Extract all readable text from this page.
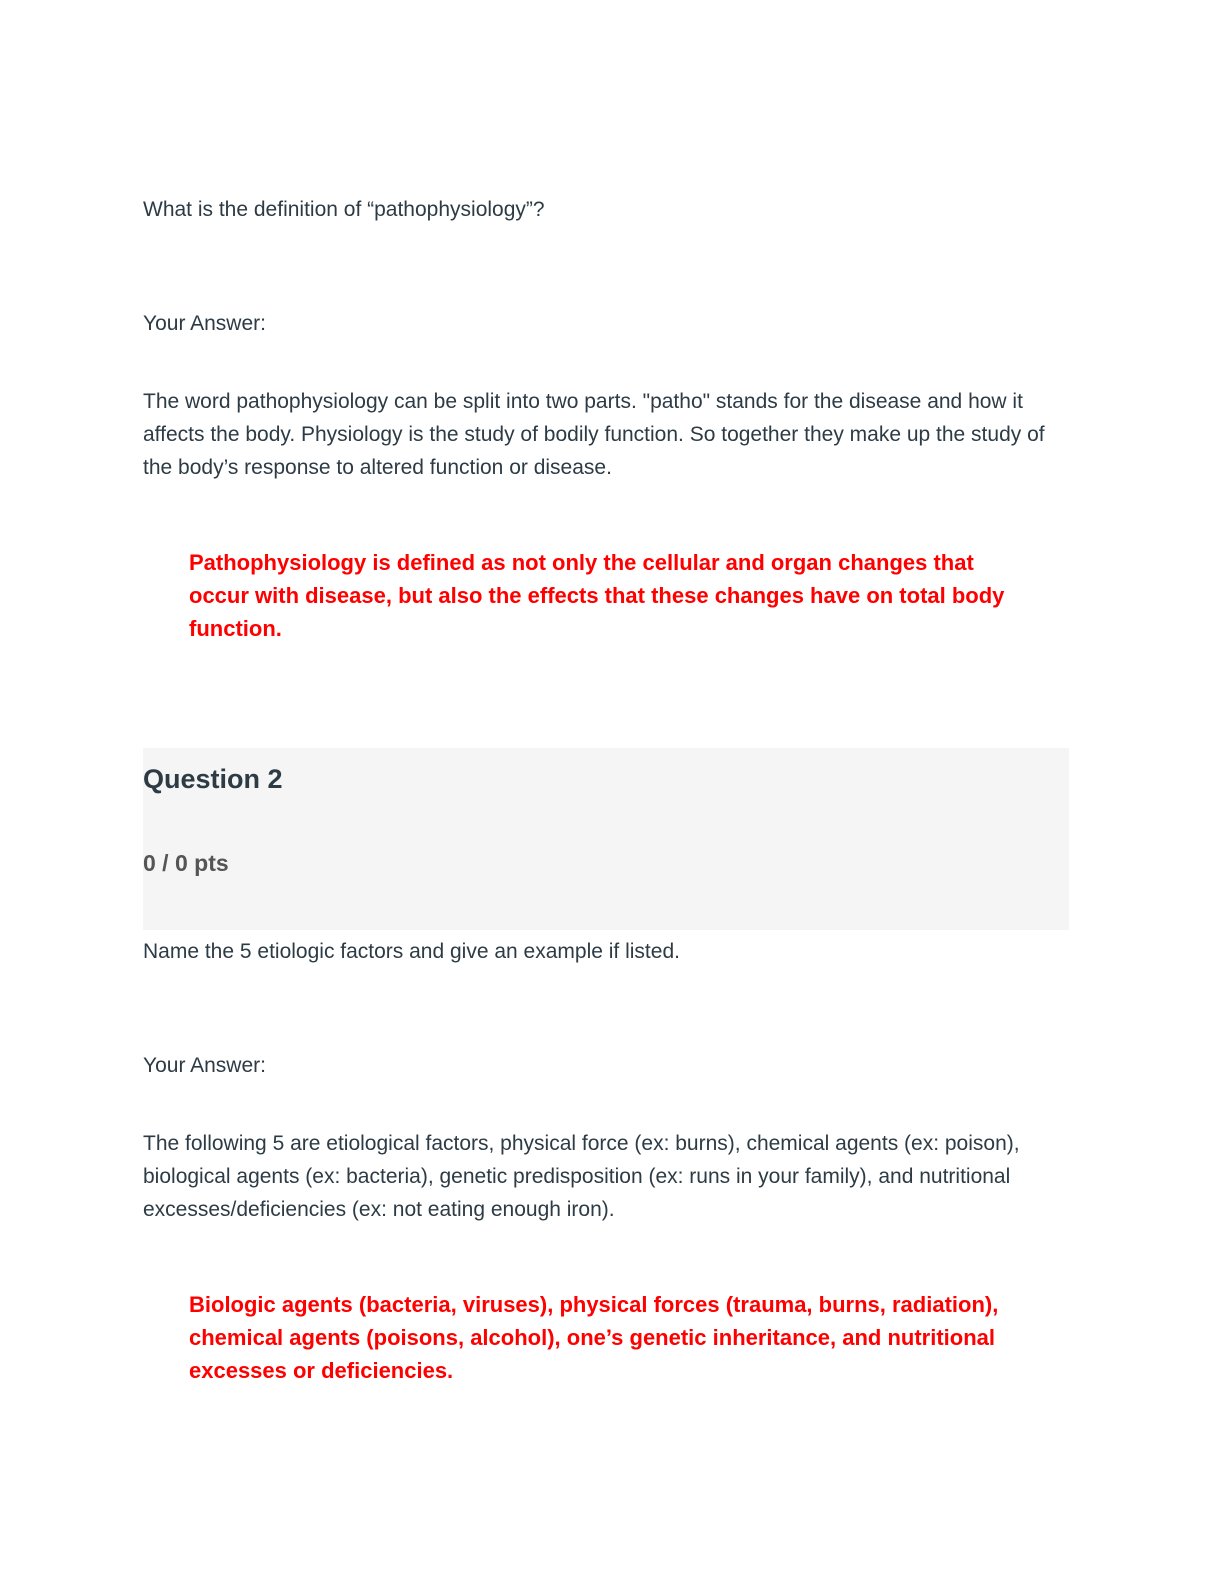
What is the definition of “pathophysiology”?

Your Answer:

The word pathophysiology can be split into two parts. "patho" stands for the disease and how it affects the body. Physiology is the study of bodily function. So together they make up the study of the body’s response to altered function or disease.

Pathophysiology is defined as not only the cellular and organ changes that occur with disease, but also the effects that these changes have on total body function.

Question 2

0 / 0 pts

Name the 5 etiologic factors and give an example if listed.

Your Answer:

The following 5 are etiological factors, physical force (ex: burns), chemical agents (ex: poison), biological agents (ex: bacteria), genetic predisposition (ex: runs in your family), and nutritional excesses/deficiencies (ex: not eating enough iron).

Biologic agents (bacteria, viruses), physical forces (trauma, burns, radiation), chemical agents (poisons, alcohol), one’s genetic inheritance, and nutritional excesses or deficiencies.
